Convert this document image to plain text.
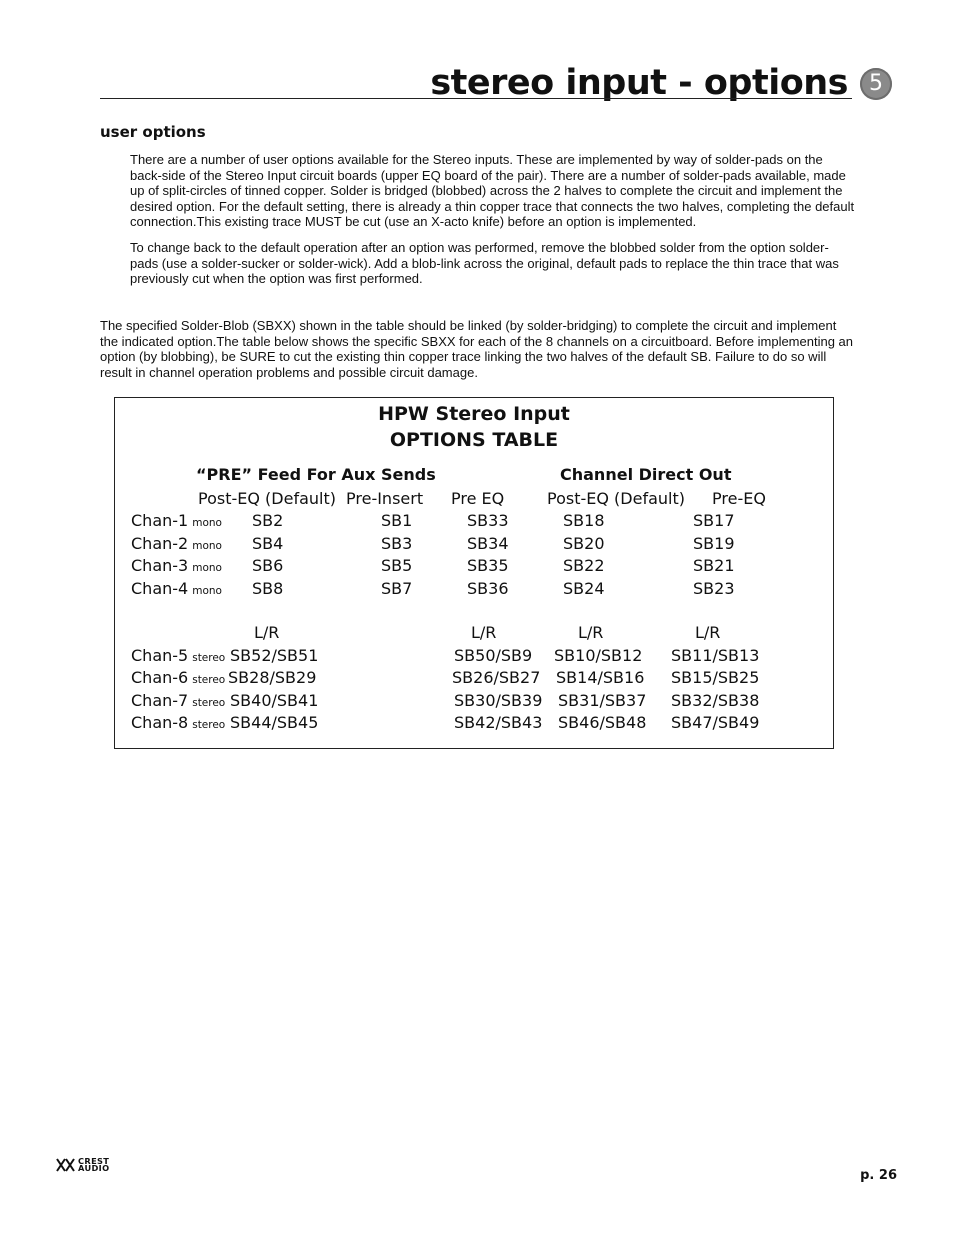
stereo input - options 5
user options

There are a number of user options available for the Stereo inputs. These are implemented by way of solder-pads on the back-side of the Stereo Input circuit boards (upper EQ board of the pair). There are a number of solder-pads available, made up of split-circles of tinned copper. Solder is bridged (blobbed) across the 2 halves to complete the circuit and implement the desired option. For the default setting, there is already a thin copper trace that connects the two halves, completing the default connection.This existing trace MUST be cut (use an X-acto knife) before an option is implemented.

To change back to the default operation after an option was performed, remove the blobbed solder from the option solder-pads (use a solder-sucker or solder-wick). Add a blob-link across the original, default pads to replace the thin trace that was previously cut when the option was first performed.

The specified Solder-Blob (SBXX) shown in the table should be linked (by solder-bridging) to complete the circuit and implement the indicated option.The table below shows the specific SBXX for each of the 8 channels on a circuitboard. Before implementing an option (by blobbing), be SURE to cut the existing thin copper trace linking the two halves of the default SB. Failure to do so will result in channel operation problems and possible circuit damage.

HPW Stereo Input
OPTIONS TABLE
“PRE” Feed For Aux Sends	Channel Direct Out
Post-EQ (Default) Pre-Insert Pre EQ	Post-EQ (Default) Pre-EQ
Chan-1 mono SB2	SB1	SB33	SB18	SB17
Chan-2 mono SB4	SB3	SB34	SB20	SB19
Chan-3 mono SB6	SB5	SB35	SB22	SB21
Chan-4 mono SB8	SB7	SB36	SB24	SB23
L/R	L/R	L/R	L/R
Chan-5 stereo SB52/SB51	SB50/SB9 SB10/SB12 SB11/SB13
Chan-6 stereo SB28/SB29	SB26/SB27 SB14/SB16 SB15/SB25
Chan-7 stereo SB40/SB41	SB30/SB39 SB31/SB37 SB32/SB38
Chan-8 stereo SB44/SB45	SB42/SB43 SB46/SB48 SB47/SB49
CREST
AUDIO	p. 26
